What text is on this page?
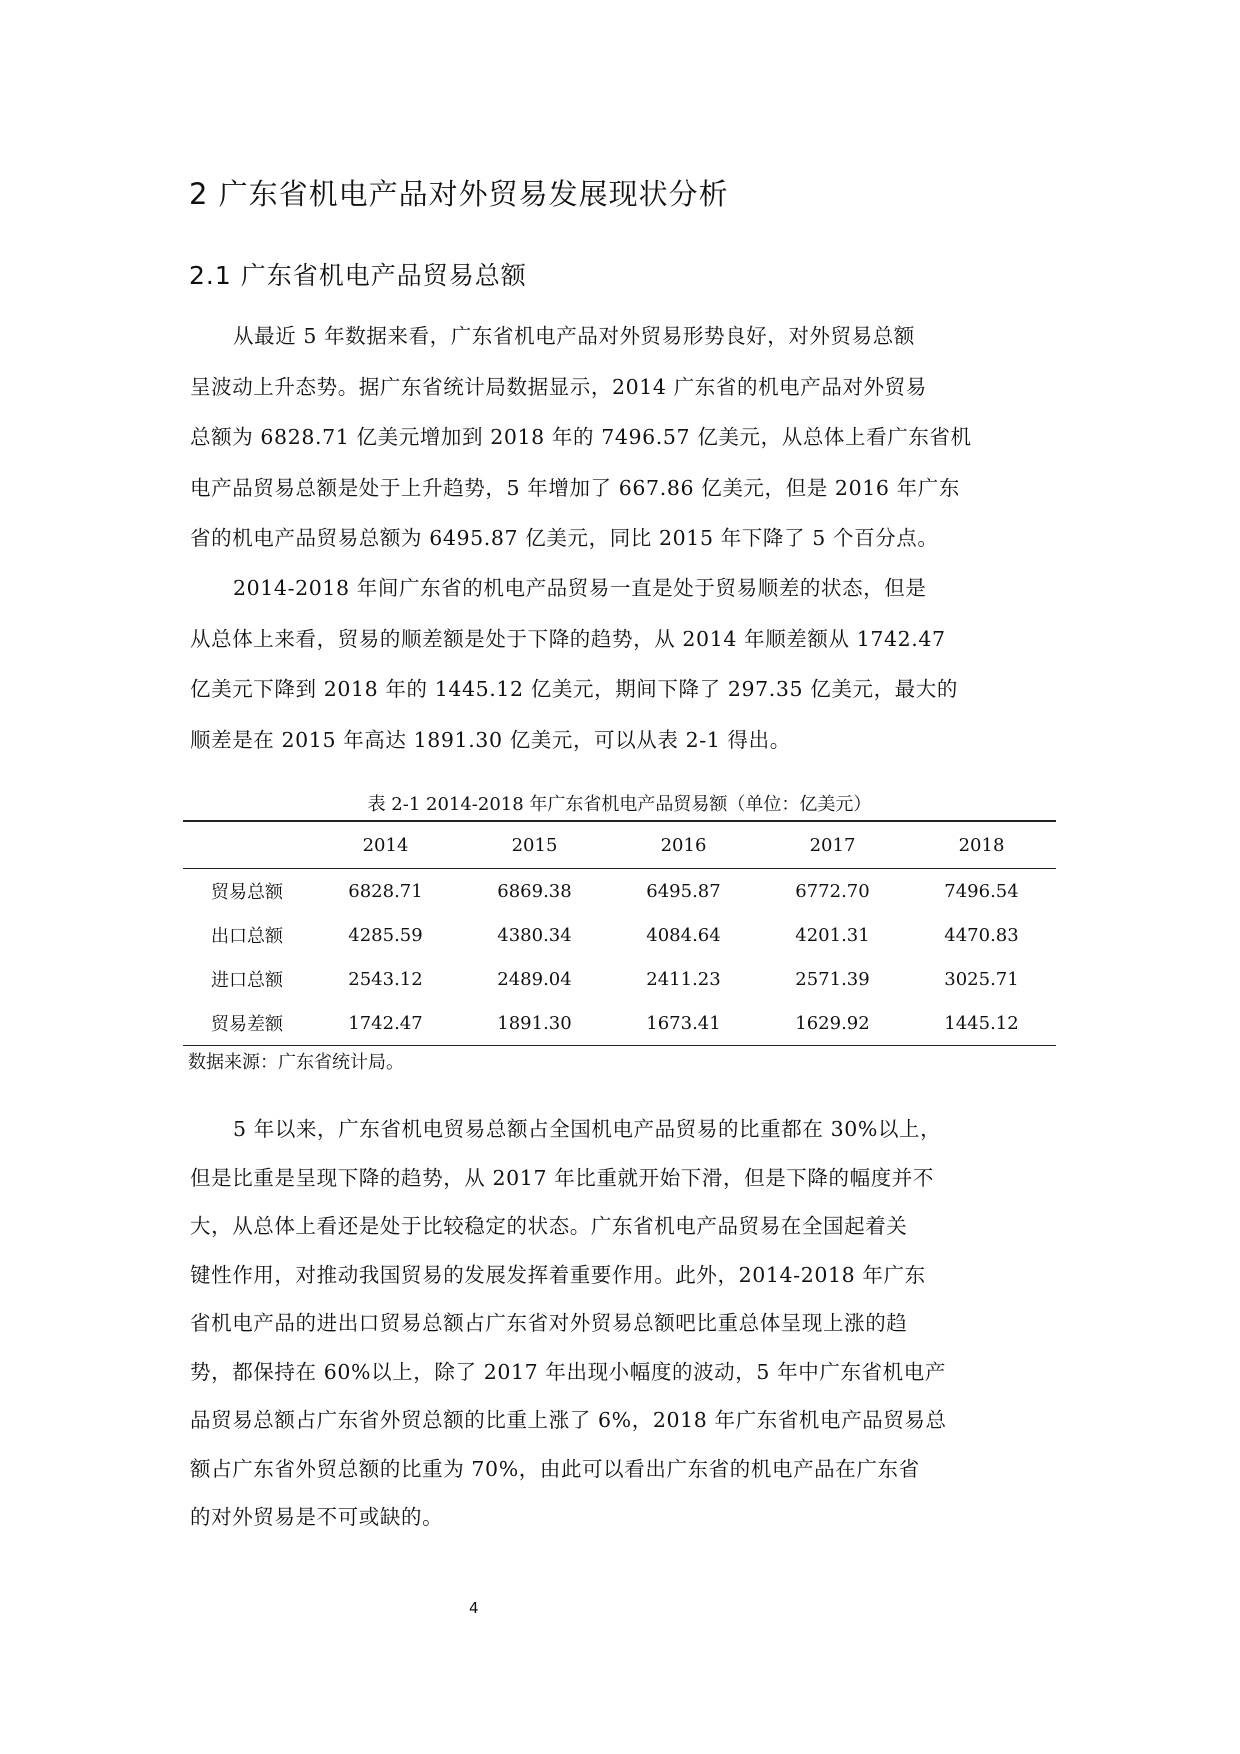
2 广东省机电产品对外贸易发展现状分析
2.1 广东省机电产品贸易总额
从最近 5 年数据来看，广东省机电产品对外贸易形势良好，对外贸易总额
呈波动上升态势。据广东省统计局数据显示，2014 广东省的机电产品对外贸易
总额为 6828.71 亿美元增加到 2018 年的 7496.57 亿美元，从总体上看广东省机
电产品贸易总额是处于上升趋势，5 年增加了 667.86 亿美元，但是 2016 年广东
省的机电产品贸易总额为 6495.87 亿美元，同比 2015 年下降了 5 个百分点。
2014-2018 年间广东省的机电产品贸易一直是处于贸易顺差的状态，但是
从总体上来看，贸易的顺差额是处于下降的趋势，从 2014 年顺差额从 1742.47
亿美元下降到 2018 年的 1445.12 亿美元，期间下降了 297.35 亿美元，最大的
顺差是在 2015 年高达 1891.30 亿美元，可以从表 2-1 得出。
表 2-1 2014-2018 年广东省机电产品贸易额（单位：亿美元）
	2014	2015	2016	2017	2018
贸易总额	6828.71	6869.38	6495.87	6772.70	7496.54
出口总额	4285.59	4380.34	4084.64	4201.31	4470.83
进口总额	2543.12	2489.04	2411.23	2571.39	3025.71
贸易差额	1742.47	1891.30	1673.41	1629.92	1445.12
数据来源：广东省统计局。
5 年以来，广东省机电贸易总额占全国机电产品贸易的比重都在 30%以上，
但是比重是呈现下降的趋势，从 2017 年比重就开始下滑，但是下降的幅度并不
大，从总体上看还是处于比较稳定的状态。广东省机电产品贸易在全国起着关
键性作用，对推动我国贸易的发展发挥着重要作用。此外，2014-2018 年广东
省机电产品的进出口贸易总额占广东省对外贸易总额吧比重总体呈现上涨的趋
势，都保持在 60%以上，除了 2017 年出现小幅度的波动，5 年中广东省机电产
品贸易总额占广东省外贸总额的比重上涨了 6%，2018 年广东省机电产品贸易总
额占广东省外贸总额的比重为 70%，由此可以看出广东省的机电产品在广东省
的对外贸易是不可或缺的。
4
